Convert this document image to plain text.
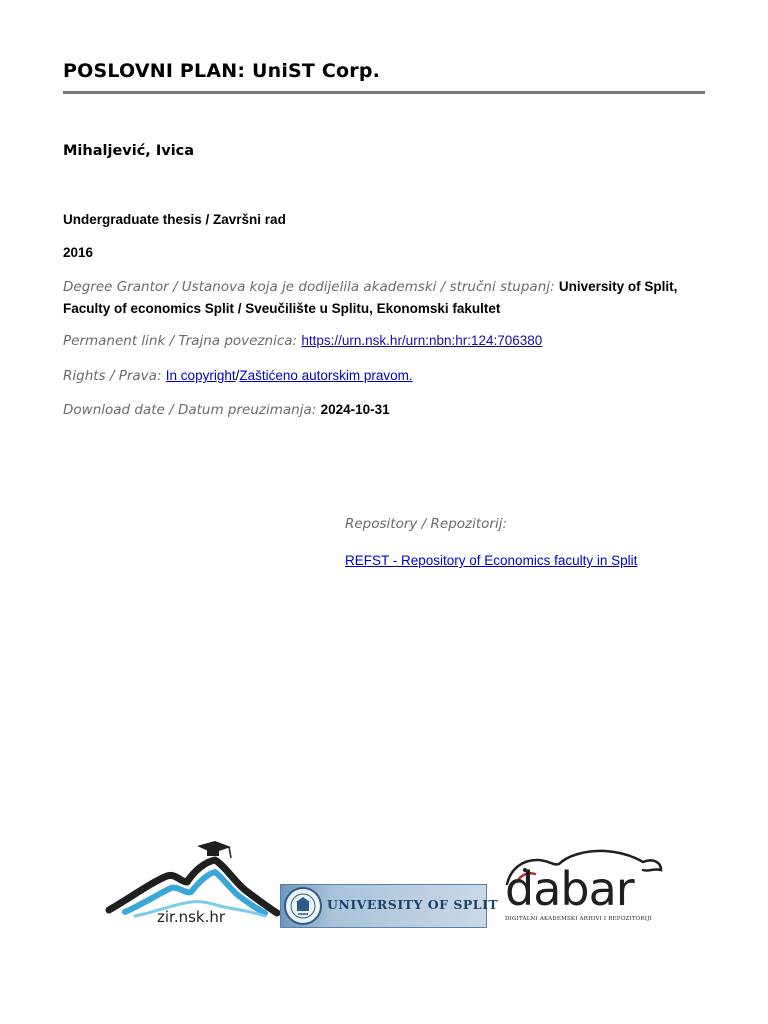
POSLOVNI PLAN: UniST Corp.
Mihaljević, Ivica
Undergraduate thesis / Završni rad
2016
Degree Grantor / Ustanova koja je dodijelila akademski / stručni stupanj: University of Split, Faculty of economics Split / Sveučilište u Splitu, Ekonomski fakultet
Permanent link / Trajna poveznica: https://urn.nsk.hr/urn:nbn:hr:124:706380
Rights / Prava: In copyright/Zaštićeno autorskim pravom.
Download date / Datum preuzimanja: 2024-10-31
Repository / Repozitorij:
REFST - Repository of Economics faculty in Split
zir.nsk.hr
UNIVERSITY OF SPLIT dabar
DIGITALNI AKADEMSKI ARHIVI I REPOZITORIJI
